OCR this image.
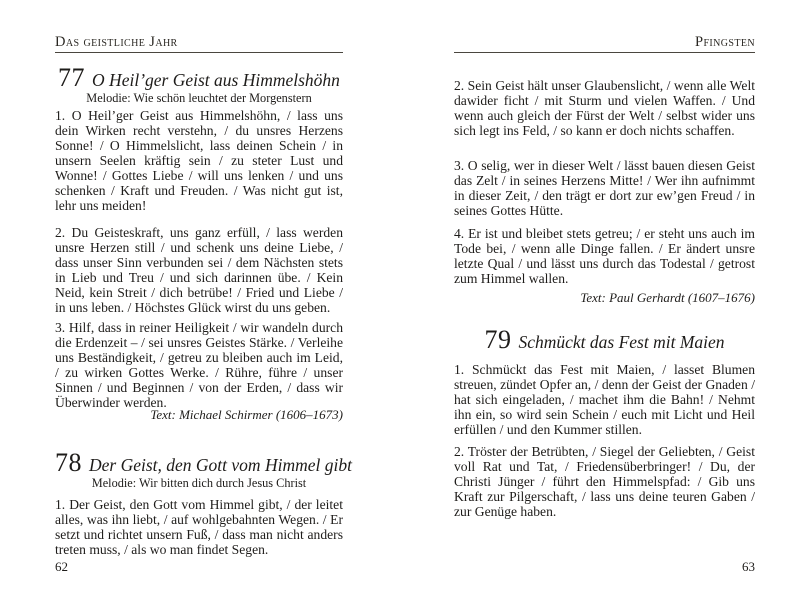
Das geistliche Jahr
77 O Heil’ger Geist aus Himmelshöhn
Melodie: Wie schön leuchtet der Morgenstern

1. O Heil’ger Geist aus Himmelshöhn, / lass uns dein Wirken recht verstehn, / du unsres Herzens Sonne! / O Himmelslicht, lass deinen Schein / in unsern Seelen kräftig sein / zu steter Lust und Wonne! / Gottes Liebe / will uns lenken / und uns schenken / Kraft und Freuden. / Was nicht gut ist, lehr uns meiden!

2. Du Geisteskraft, uns ganz erfüll, / lass werden unsre Herzen still / und schenk uns deine Liebe, / dass unser Sinn verbunden sei / dem Nächsten stets in Lieb und Treu / und sich darinnen übe. / Kein Neid, kein Streit / dich betrübe! / Fried und Liebe / in uns leben. / Höchstes Glück wirst du uns geben.

3. Hilf, dass in reiner Heiligkeit / wir wandeln durch die Erdenzeit – / sei unsres Geistes Stärke. / Verleihe uns Beständigkeit, / getreu zu bleiben auch im Leid, / zu wirken Gottes Werke. / Rühre, führe / unser Sinnen / und Beginnen / von der Erden, / dass wir Überwinder werden.

Text: Michael Schirmer (1606–1673)
78 Der Geist, den Gott vom Himmel gibt
Melodie: Wir bitten dich durch Jesus Christ

1. Der Geist, den Gott vom Himmel gibt, / der leitet alles, was ihn liebt, / auf wohlgebahnten Wegen. / Er setzt und richtet unsern Fuß, / dass man nicht anders treten muss, / als wo man findet Segen.

62
Pfingsten

2. Sein Geist hält unser Glaubenslicht, / wenn alle Welt dawider ficht / mit Sturm und vielen Waffen. / Und wenn auch gleich der Fürst der Welt / selbst wider uns sich legt ins Feld, / so kann er doch nichts schaffen.

3. O selig, wer in dieser Welt / lässt bauen diesen Geist das Zelt / in seines Herzens Mitte! / Wer ihn aufnimmt in dieser Zeit, / den trägt er dort zur ew’gen Freud / in seines Gottes Hütte.

4. Er ist und bleibet stets getreu; / er steht uns auch im Tode bei, / wenn alle Dinge fallen. / Er ändert unsre letzte Qual / und lässt uns durch das Todestal / getrost zum Himmel wallen.

Text: Paul Gerhardt (1607–1676)
79 Schmückt das Fest mit Maien

1. Schmückt das Fest mit Maien, / lasset Blumen streuen, zündet Opfer an, / denn der Geist der Gnaden / hat sich eingeladen, / machet ihm die Bahn! / Nehmt ihn ein, so wird sein Schein / euch mit Licht und Heil erfüllen / und den Kummer stillen.

2. Tröster der Betrübten, / Siegel der Geliebten, / Geist voll Rat und Tat, / Friedensüberbringer! / Du, der Christi Jünger / führt den Himmelspfad: / Gib uns Kraft zur Pilgerschaft, / lass uns deine teuren Gaben / zur Genüge haben.

63
